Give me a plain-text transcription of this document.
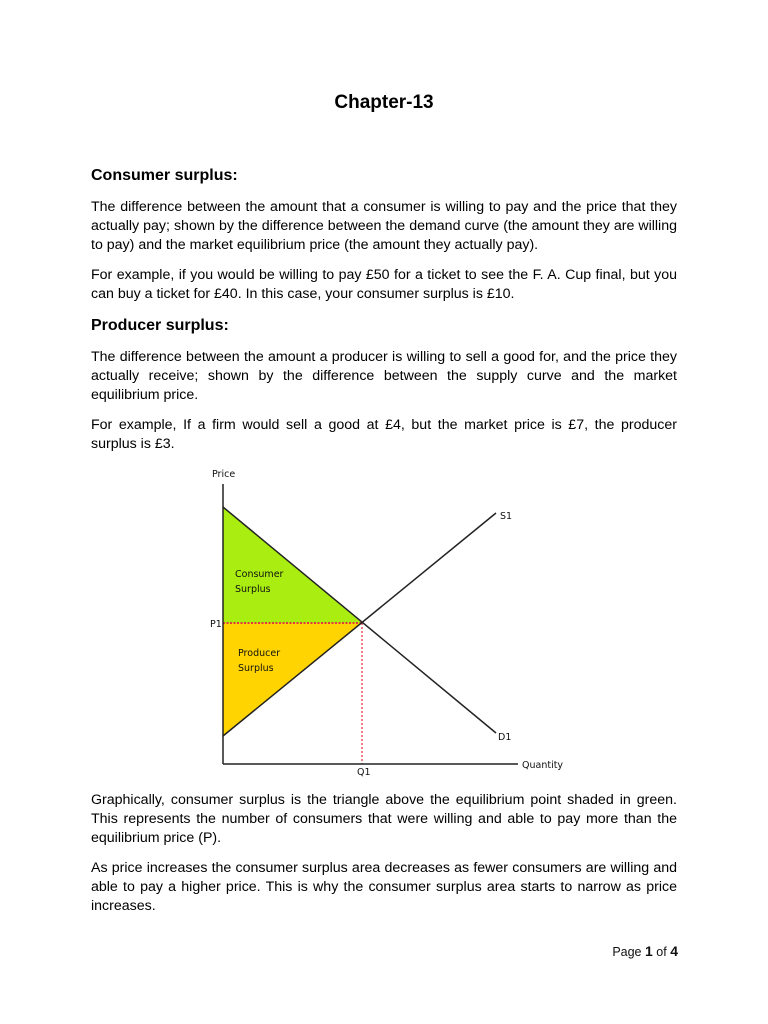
Chapter-13
Consumer surplus:

The difference between the amount that a consumer is willing to pay and the price that they actually pay; shown by the difference between the demand curve (the amount they are willing to pay) and the market equilibrium price (the amount they actually pay).

For example, if you would be willing to pay £50 for a ticket to see the F. A. Cup final, but you can buy a ticket for £40. In this case, your consumer surplus is £10.

Producer surplus:

The difference between the amount a producer is willing to sell a good for, and the price they actually receive; shown by the difference between the supply curve and the market equilibrium price.

For example, If a firm would sell a good at £4, but the market price is £7, the producer surplus is £3.

Price
Quantity
S1
D1
P1
Q1
Consumer
Surplus
Producer
Surplus

Graphically, consumer surplus is the triangle above the equilibrium point shaded in green. This represents the number of consumers that were willing and able to pay more than the equilibrium price (P).

As price increases the consumer surplus area decreases as fewer consumers are willing and able to pay a higher price. This is why the consumer surplus area starts to narrow as price increases.

Page 1 of 4
